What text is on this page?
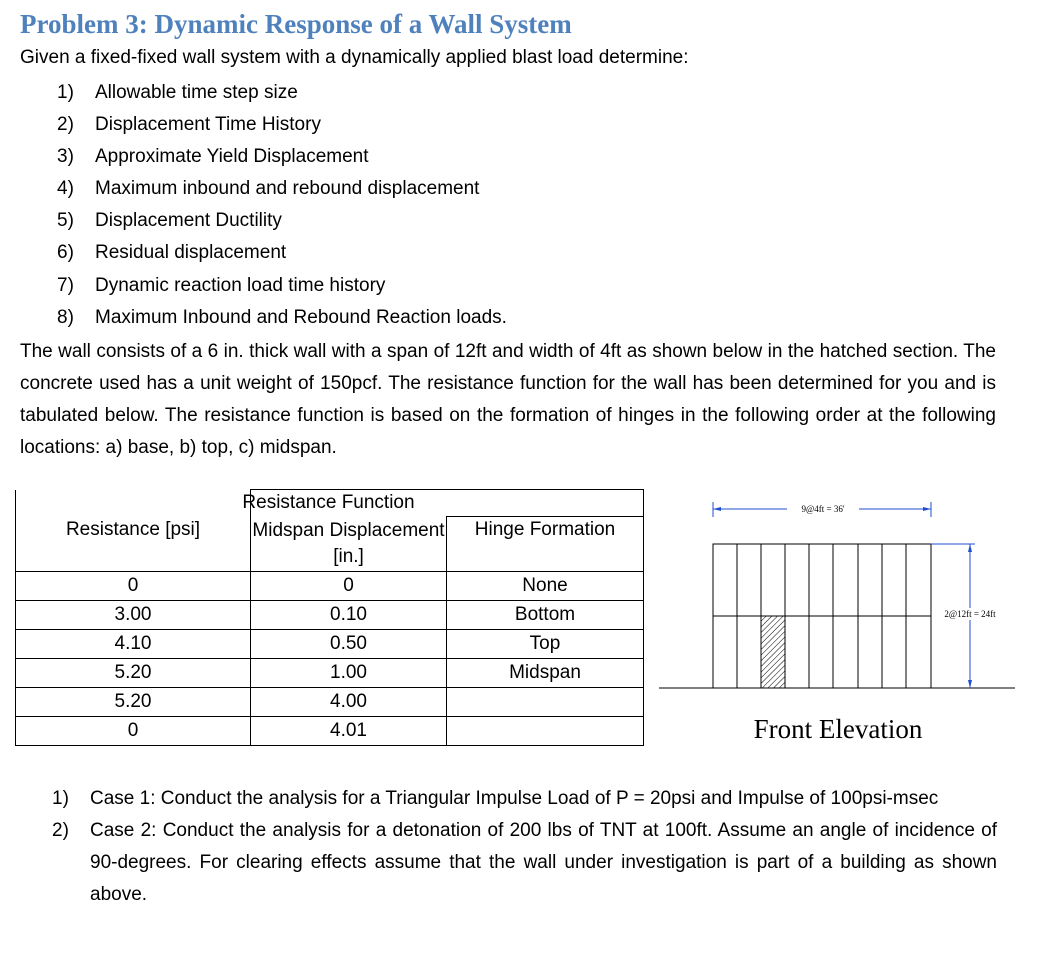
Problem 3: Dynamic Response of a Wall System
Given a fixed-fixed wall system with a dynamically applied blast load determine:
1)	Allowable time step size
2)	Displacement Time History
3)	Approximate Yield Displacement
4)	Maximum inbound and rebound displacement
5)	Displacement Ductility
6)	Residual displacement
7)	Dynamic reaction load time history
8)	Maximum Inbound and Rebound Reaction loads.

The wall consists of a 6 in. thick wall with a span of 12ft and width of 4ft as shown below in the hatched section. The concrete used has a unit weight of 150pcf. The resistance function for the wall has been determined for you and is tabulated below. The resistance function is based on the formation of hinges in the following order at the following locations: a) base, b) top, c) midspan.

	Resistance Function	
Resistance [psi]	Midspan Displacement [in.]	Hinge Formation
0	0	None
3.00	0.10	Bottom
4.10	0.50	Top
5.20	1.00	Midspan
5.20	4.00	
0	4.01	
9@4ft = 36'
2@12ft = 24ft
Front Elevation
1)	Case 1: Conduct the analysis for a Triangular Impulse Load of P = 20psi and Impulse of 100psi-msec
2)	Case 2: Conduct the analysis for a detonation of 200 lbs of TNT at 100ft. Assume an angle of incidence of 90-degrees. For clearing effects assume that the wall under investigation is part of a building as shown above.
